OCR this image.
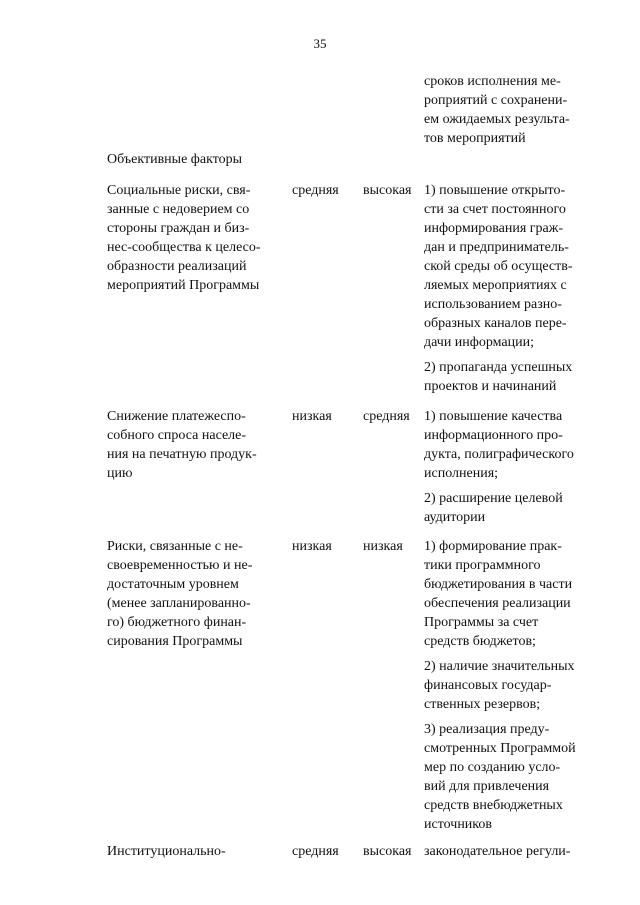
35
сроков исполнения ме-
роприятий с сохранени-
ем ожидаемых результа-
тов мероприятий
Объективные факторы
Социальные риски, свя-
занные с недоверием со
стороны граждан и биз-
нес-сообщества к целесо-
образности реализаций
мероприятий Программы
средняя высокая 1) повышение открыто-
сти за счет постоянного
информирования граж-
дан и предприниматель-
ской среды об осуществ-
ляемых мероприятиях с
использованием разно-
образных каналов пере-
дачи информации;
2) пропаганда успешных
проектов и начинаний
Снижение платежеспо-
собного спроса населе-
ния на печатную продук-
цию
низкая средняя 1) повышение качества
информационного про-
дукта, полиграфического
исполнения;
2) расширение целевой
аудитории
Риски, связанные с не-
своевременностью и не-
достаточным уровнем
(менее запланированно-
го) бюджетного финан-
сирования Программы
низкая низкая 1) формирование прак-
тики программного
бюджетирования в части
обеспечения реализации
Программы за счет
средств бюджетов;
2) наличие значительных
финансовых государ-
ственных резервов;
3) реализация преду-
смотренных Программой
мер по созданию усло-
вий для привлечения
средств внебюджетных
источников
Институционально-	средняя высокая законодательное регули-
